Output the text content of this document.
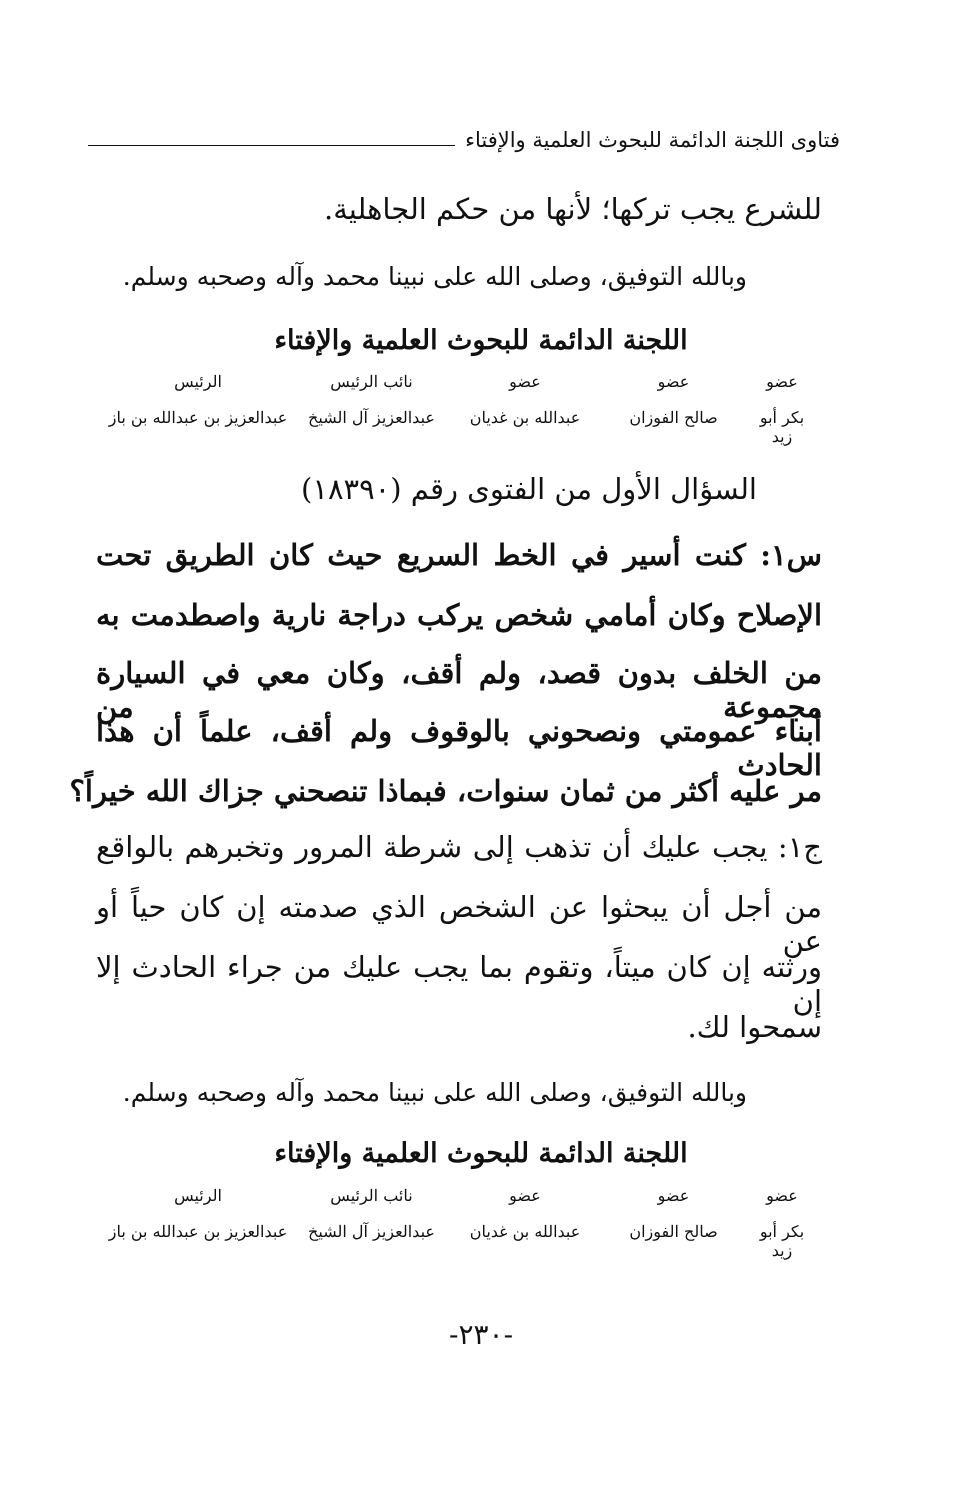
فتاوى اللجنة الدائمة للبحوث العلمية والإفتاء
للشرع يجب تركها؛ لأنها من حكم الجاهلية.
وبالله التوفيق، وصلى الله على نبينا محمد وآله وصحبه وسلم.
اللجنة الدائمة للبحوث العلمية والإفتاء
عضو
عضو
عضو
نائب الرئيس
الرئيس
بكر أبو زيد
صالح الفوزان
عبدالله بن غديان
عبدالعزيز آل الشيخ
عبدالعزيز بن عبدالله بن باز
السؤال الأول من الفتوى رقم (١٨٣٩٠)
س١: كنت أسير في الخط السريع حيث كان الطريق تحت
الإصلاح وكان أمامي شخص يركب دراجة نارية واصطدمت به
من الخلف بدون قصد، ولم أقف، وكان معي في السيارة مجموعة من
أبناء عمومتي ونصحوني بالوقوف ولم أقف، علماً أن هذا الحادث
مر عليه أكثر من ثمان سنوات، فبماذا تنصحني جزاك الله خيراً؟
ج١: يجب عليك أن تذهب إلى شرطة المرور وتخبرهم بالواقع
من أجل أن يبحثوا عن الشخص الذي صدمته إن كان حياً أو عن
ورثته إن كان ميتاً، وتقوم بما يجب عليك من جراء الحادث إلا إن
سمحوا لك.
وبالله التوفيق، وصلى الله على نبينا محمد وآله وصحبه وسلم.
اللجنة الدائمة للبحوث العلمية والإفتاء
عضو
عضو
عضو
نائب الرئيس
الرئيس
بكر أبو زيد
صالح الفوزان
عبدالله بن غديان
عبدالعزيز آل الشيخ
عبدالعزيز بن عبدالله بن باز
-٢٣٠-
